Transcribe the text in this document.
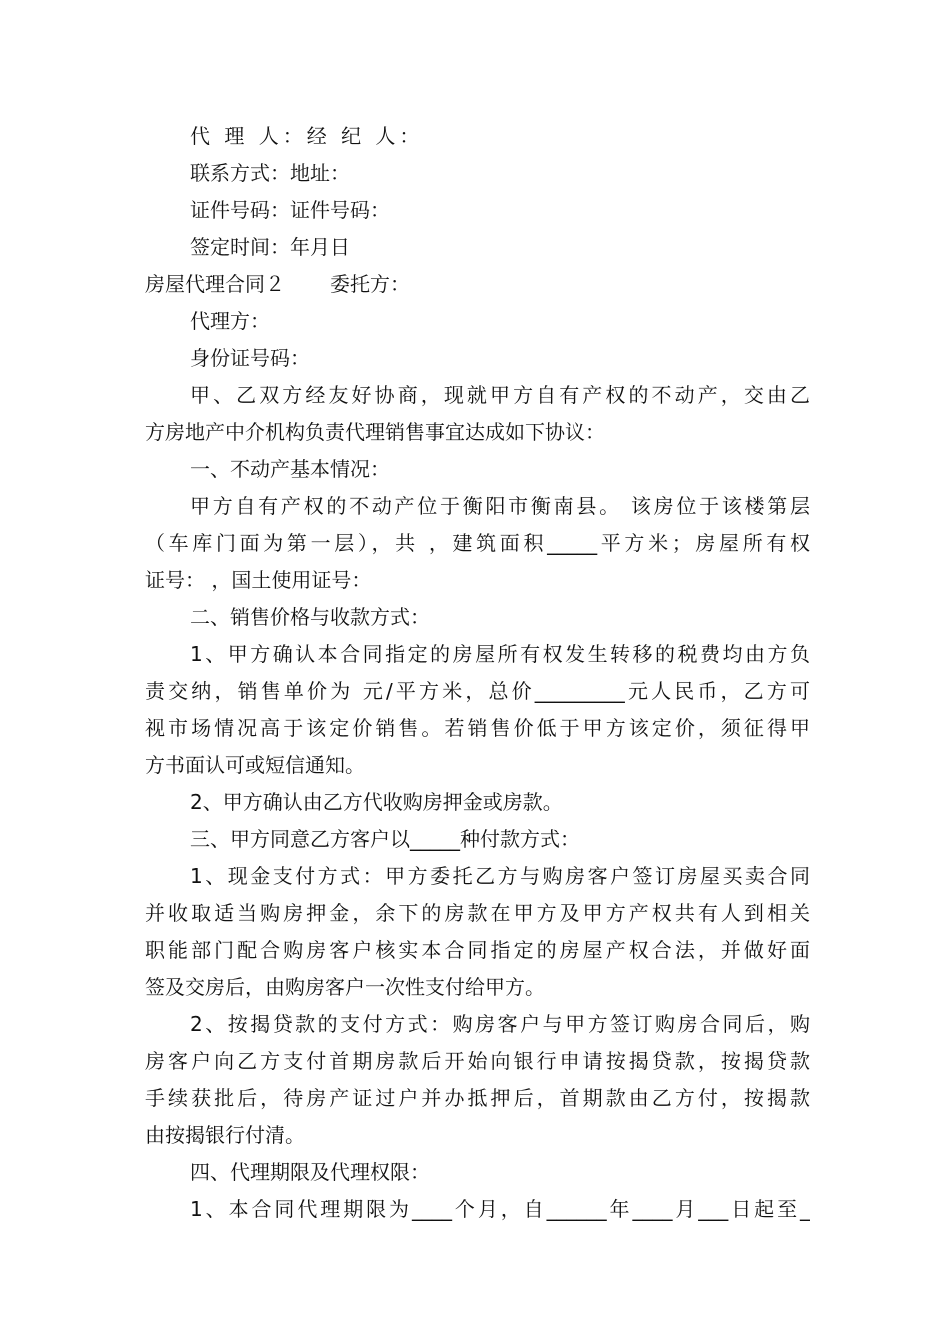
代 理 人：经 纪 人：
联系方式：地址：
证件号码：证件号码：
签定时间：年月日
房屋代理合同２ 委托方：
代理方：
身份证号码：
甲、乙双方经友好协商，现就甲方自有产权的不动产，交由乙
方房地产中介机构负责代理销售事宜达成如下协议：
一、不动产基本情况：
甲方自有产权的不动产位于衡阳市衡南县。 该房位于该楼第层
（车库门面为第一层），共 ，建筑面积_____平方米；房屋所有权
证号： ，国土使用证号：
二、销售价格与收款方式：
1、甲方确认本合同指定的房屋所有权发生转移的税费均由方负
责交纳，销售单价为 元/平方米，总价_________元人民币，乙方可
视市场情况高于该定价销售。若销售价低于甲方该定价，须征得甲
方书面认可或短信通知。
2、甲方确认由乙方代收购房押金或房款。
三、甲方同意乙方客户以_____种付款方式：
1、现金支付方式：甲方委托乙方与购房客户签订房屋买卖合同
并收取适当购房押金，余下的房款在甲方及甲方产权共有人到相关
职能部门配合购房客户核实本合同指定的房屋产权合法，并做好面
签及交房后，由购房客户一次性支付给甲方。
2、按揭贷款的支付方式：购房客户与甲方签订购房合同后，购
房客户向乙方支付首期房款后开始向银行申请按揭贷款，按揭贷款
手续获批后，待房产证过户并办抵押后，首期款由乙方付，按揭款
由按揭银行付清。
四、代理期限及代理权限：
1、本合同代理期限为____个月，自______年____月___日起至_
